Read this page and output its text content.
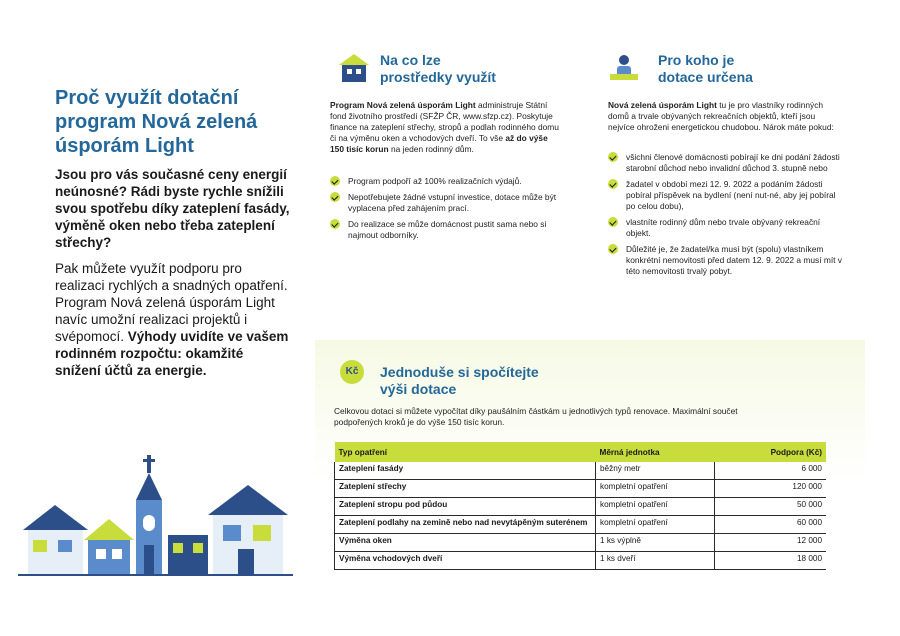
Proč využít dotační program Nová zelená úsporám Light

Jsou pro vás současné ceny energií neúnosné? Rádi byste rychle snížili svou spotřebu díky zateplení fasády, výměně oken nebo třeba zateplení střechy?

Pak můžete využít podporu pro realizaci rychlých a snadných opatření. Program Nová zelená úsporám Light navíc umožní realizaci projektů i svépomocí. Výhody uvidíte ve vašem rodinném rozpočtu: okamžité snížení účtů za energie.

Na co lze

prostředky využít

Program Nová zelená úsporám Light administruje Státní fond životního prostředí (SFŽP ČR, www.sfzp.cz). Poskytuje finance na zateplení střechy, stropů a podlah rodinného domu či na výměnu oken a vchodových dveří. To vše až do výše 150 tisíc korun na jeden rodinný dům.

Program podpoří až 100% realizačních výdajů.
Nepotřebujete žádné vstupní investice, dotace může být vyplacena před zahájením prací.
Do realizace se může domácnost pustit sama nebo si najmout odborníky.

Pro koho je

dotace určena

Nová zelená úsporám Light tu je pro vlastníky rodinných domů a trvale obývaných rekreačních objektů, kteří jsou nejvíce ohroženi energetickou chudobou. Nárok máte pokud:

všichni členové domácnosti pobírají ke dni podání žádosti starobní důchod nebo invalidní důchod 3. stupně nebo
žadatel v období mezi 12. 9. 2022 a podáním žádosti pobíral příspěvek na bydlení (není nut-né, aby jej pobíral po celou dobu),
vlastníte rodinný dům nebo trvale obývaný rekreační objekt.
Důležité je, že žadatel/ka musí být (spolu) vlastníkem konkrétní nemovitosti před datem 12. 9. 2022 a musí mít v této nemovitosti trvalý pobyt.
Kč	Jednoduše si spočítejte

výši dotace

Celkovou dotaci si můžete vypočítat díky paušálním částkám u jednotlivých typů renovace. Maximální součet podpořených kroků je do výše 150 tisíc korun.

Typ opatření	Měrná jednotka	Podpora (Kč)
Zateplení fasády	běžný metr	6 000
Zateplení střechy	kompletní opatření	120 000
Zateplení stropu pod půdou	kompletní opatření	50 000
Zateplení podlahy na zemině nebo nad nevytápěným suterénem	kompletní opatření	60 000
Výměna oken	1 ks výplně	12 000
Výměna vchodových dveří	1 ks dveří	18 000
